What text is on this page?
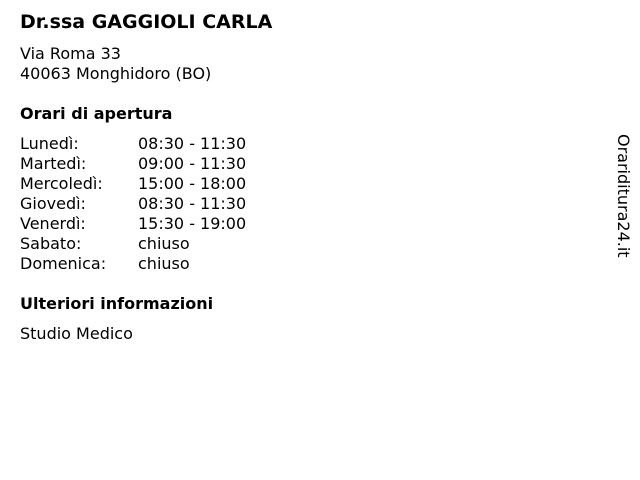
Dr.ssa GAGGIOLI CARLA
Via Roma 33
40063 Monghidoro (BO)
Orari di apertura
Lunedì:	08:30 - 11:30
Martedì:	09:00 - 11:30
Mercoledì: 15:00 - 18:00
Giovedì:	08:30 - 11:30
Venerdì:	15:30 - 19:00
Sabato:	chiuso
Domenica: chiuso
Ulteriori informazioni
Studio Medico
Orariditura24.it
